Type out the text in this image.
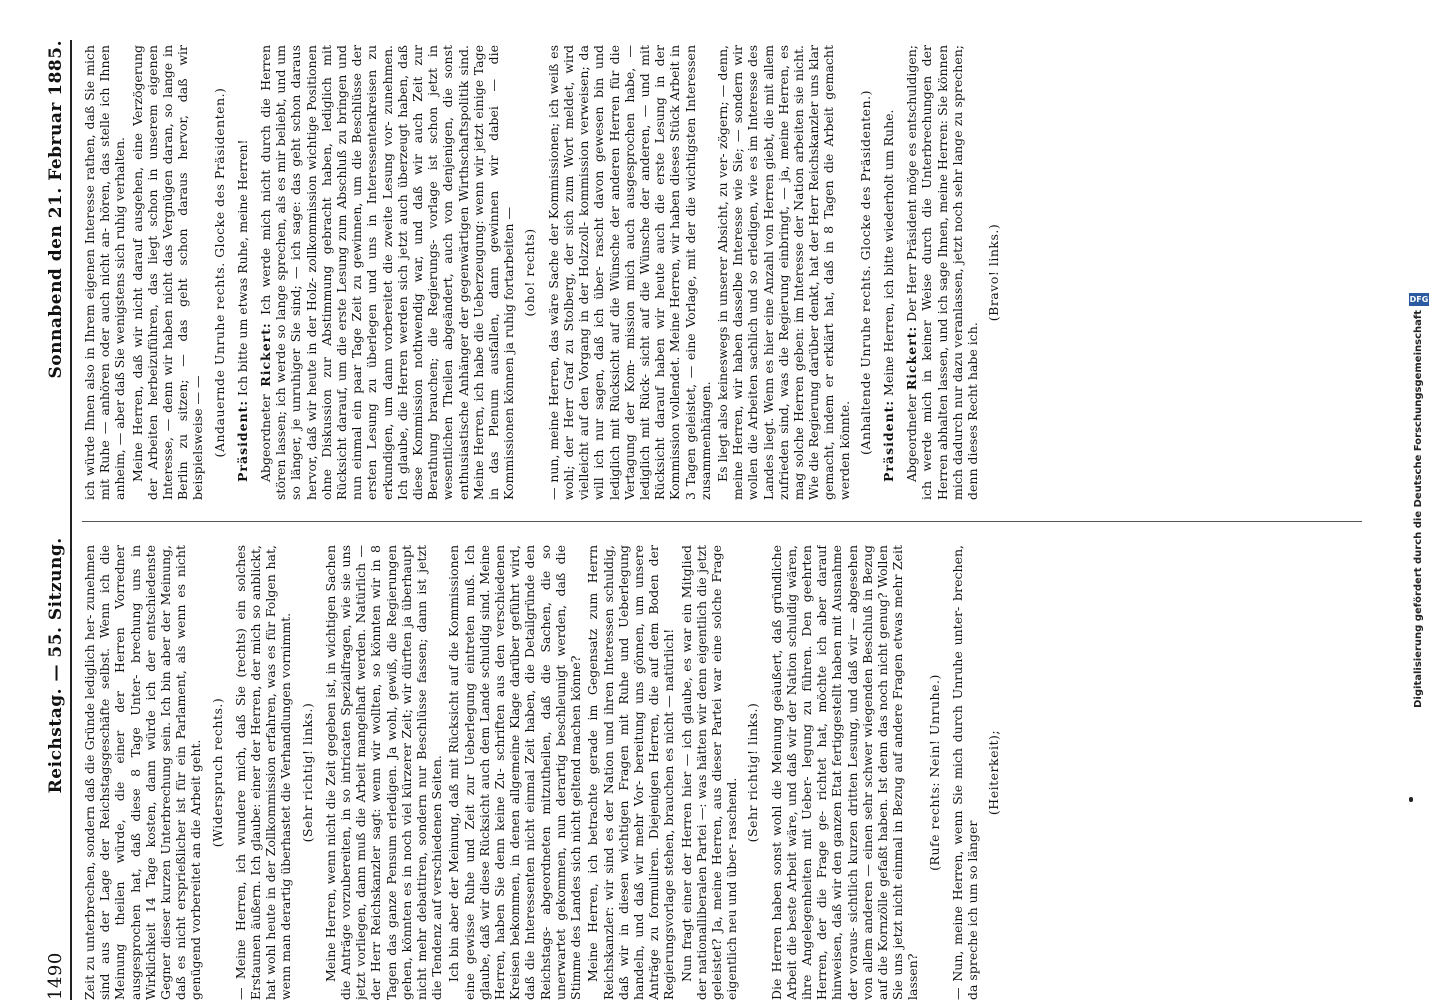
1490
Reichstag. — 55. Sitzung.
Sonnabend den 21. Februar 1885.

Zeit zu unterbrechen, sondern daß die Gründe lediglich her- zunehmen sind aus der Lage der Reichstagsgeschäfte selbst. Wenn ich die Meinung theilen würde, die einer der Herren Vorredner ausgesprochen hat, daß diese 8 Tage Unter- brechung uns in Wirklichkeit 14 Tage kosten, dann würde ich der entschiedenste Gegner dieser kurzen Unterbrechung sein. Ich bin aber der Meinung, daß es nicht ersprießlicher ist für ein Parlament, als wenn es nicht genügend vorbereitet an die Arbeit geht. (Widerspruch rechts.) — Meine Herren, ich wundere mich, daß Sie (rechts) ein solches Erstaunen äußern. Ich glaube: einer der Herren, der mich so anblickt, hat wohl heute in der Zollkommission erfahren, was es für Folgen hat, wenn man derartig überhastet die Verhandlungen vornimmt. (Sehr richtig! links.) Meine Herren, wenn nicht die Zeit gegeben ist, in wichtigen Sachen die Anträge vorzubereiten, in so intricaten Spezialfragen, wie sie uns jetzt vorliegen, dann muß die Arbeit mangelhaft werden. Natürlich — der Herr Reichskanzler sagt: wenn wir wollten, so könnten wir in 8 Tagen das ganze Pensum erledigen. Ja wohl, gewiß, die Regierungen gehen, könnten es in noch viel kürzerer Zeit; wir dürften ja überhaupt nicht mehr debattiren, sondern nur Beschlüsse fassen; dann ist jetzt die Tendenz auf verschiedenen Seiten. Ich bin aber der Meinung, daß mit Rücksicht auf die Kommissionen eine gewisse Ruhe und Zeit zur Ueberlegung eintreten muß. Ich glaube, daß wir diese Rücksicht auch dem Lande schuldig sind. Meine Herren, haben Sie denn keine Zu- schriften aus den verschiedenen Kreisen bekommen, in denen allgemeine Klage darüber geführt wird, daß die Interessenten nicht einmal Zeit haben, die Detailgründe den Reichstags- abgeordneten mitzutheilen, daß die Sachen, die so unerwartet gekommen, nun derartig beschleunigt werden, daß die Stimme des Landes sich nicht geltend machen könne? Meine Herren, ich betrachte gerade im Gegensatz zum Herrn Reichskanzler: wir sind es der Nation und ihren Interessen schuldig, daß wir in diesen wichtigen Fragen mit Ruhe und Ueberlegung handeln, und daß wir mehr Vor- bereitung uns gönnen, um unsere Anträge zu formuliren. Diejenigen Herren, die auf dem Boden der Regierungsvorlage stehen, brauchen es nicht — natürlich! Nun fragt einer der Herren hier — ich glaube, es war ein Mitglied der nationalliberalen Partei —: was hätten wir denn eigentlich die jetzt geleistet? Ja, meine Herren, aus dieser Partei war eine solche Frage eigentlich neu und über- raschend.

(Sehr richtig! links.) Die Herren haben sonst wohl die Meinung geäußert, daß gründliche Arbeit die beste Arbeit wäre, und daß wir der Nation schuldig wären, ihre Angelegenheiten mit Ueber- legung zu führen. Den geehrten Herren, der die Frage ge- richtet hat, möchte ich aber darauf hinweisen, daß wir den ganzen Etat fertiggestellt haben mit Ausnahme der voraus- sichtlich kurzen dritten Lesung, und daß wir — abgesehen von allem anderen — einen sehr schwer wiegenden Beschluß in Bezug auf die Kornzölle gefaßt haben. Ist denn das noch nicht genug? Wollen Sie uns jetzt nicht einmal in Bezug auf andere Fragen etwas mehr Zeit lassen?

(Rufe rechts: Nein! Unruhe.) — Nun, meine Herren, wenn Sie mich durch Unruhe unter- brechen, da spreche ich um so länger

(Heiterkeit);

ich würde Ihnen also in Ihrem eigenen Interesse rathen, daß Sie mich mit Ruhe — anhören oder auch nicht an- hören, das stelle ich Ihnen anheim, — aber daß Sie wenigstens sich ruhig verhalten. Meine Herren, daß wir nicht darauf ausgehen, eine Verzögerung der Arbeiten herbeizuführen, das liegt schon in unserem eigenen Interesse, — denn wir haben nicht das Vergnügen daran, so lange in Berlin zu sitzen; — das geht schon daraus hervor, daß wir beispielsweise — — (Andauernde Unruhe rechts. Glocke des Präsidenten.) Präsident: Ich bitte um etwas Ruhe, meine Herren!

Abgeordneter Rickert: Ich werde mich nicht durch die Herren stören lassen; ich werde so lange sprechen, als es mir beliebt, und um so länger, je unruhiger Sie sind; — ich sage: das geht schon daraus hervor, daß wir heute in der Holz- zollkommission wichtige Positionen ohne Diskussion zur Abstimmung gebracht haben, lediglich mit Rücksicht darauf, um die erste Lesung zum Abschluß zu bringen und nun einmal ein paar Tage Zeit zu gewinnen, um die Beschlüsse der ersten Lesung zu überlegen und uns in Interessentenkreisen zu erkundigen, um dann vorbereitet die zweite Lesung vor- zunehmen. Ich glaube, die Herren werden sich jetzt auch überzeugt haben, daß diese Kommission nothwendig war, und daß wir auch Zeit zur Berathung brauchen; die Regierungs- vorlage ist schon jetzt in wesentlichen Theilen abgeändert, auch von denjenigen, die sonst enthusiastische Anhänger der gegenwärtigen Wirthschaftspolitik sind. Meine Herren, ich habe die Ueberzeugung: wenn wir jetzt einige Tage in das Plenum ausfallen, dann gewinnen wir dabei — die Kommissionen können ja ruhig fortarbeiten — (oho! rechts) — nun, meine Herren, das wäre Sache der Kommissionen; ich weiß es wohl; der Herr Graf zu Stolberg, der sich zum Wort meldet, wird vielleicht auf den Vorgang in der Holzzoll- kommission verweisen; da will ich nur sagen, daß ich über- rascht davon gewesen bin und lediglich mit Rücksicht auf die Wünsche der anderen Herren für die Vertagung der Kom- mission mich auch ausgesprochen habe, — lediglich mit Rück- sicht auf die Wünsche der anderen, — und mit Rücksicht darauf haben wir heute auch die erste Lesung in der Kommission vollendet. Meine Herren, wir haben dieses Stück Arbeit in 3 Tagen geleistet, — eine Vorlage, mit der die wichtigsten Interessen zusammenhängen. Es liegt also keineswegs in unserer Absicht, zu ver- zögern; — denn, meine Herren, wir haben dasselbe Interesse wie Sie; — sondern wir wollen die Arbeiten sachlich und so erledigen, wie es im Interesse des Landes liegt. Wenn es hier eine Anzahl von Herren giebt, die mit allem zufrieden sind, was die Regierung einbringt, — ja, meine Herren, es mag solche Herren geben: im Interesse der Nation arbeiten sie nicht. Wie die Regierung darüber denkt, hat der Herr Reichskanzler uns klar gemacht, indem er erklärt hat, daß in 8 Tagen die Arbeit gemacht werden könnte. (Anhaltende Unruhe rechts. Glocke des Präsidenten.) Präsident: Meine Herren, ich bitte wiederholt um Ruhe.

Abgeordneter Rickert: Der Herr Präsident möge es entschuldigen; ich werde mich in keiner Weise durch die Unterbrechungen der Herren abhalten lassen, und ich sage Ihnen, meine Herren: Sie können mich dadurch nur dazu veranlassen, jetzt noch sehr lange zu sprechen; denn dieses Recht habe ich.

(Bravo! links.)	DFG
Digitalisierung gefördert durch die Deutsche Forschungsgemeinschaft
